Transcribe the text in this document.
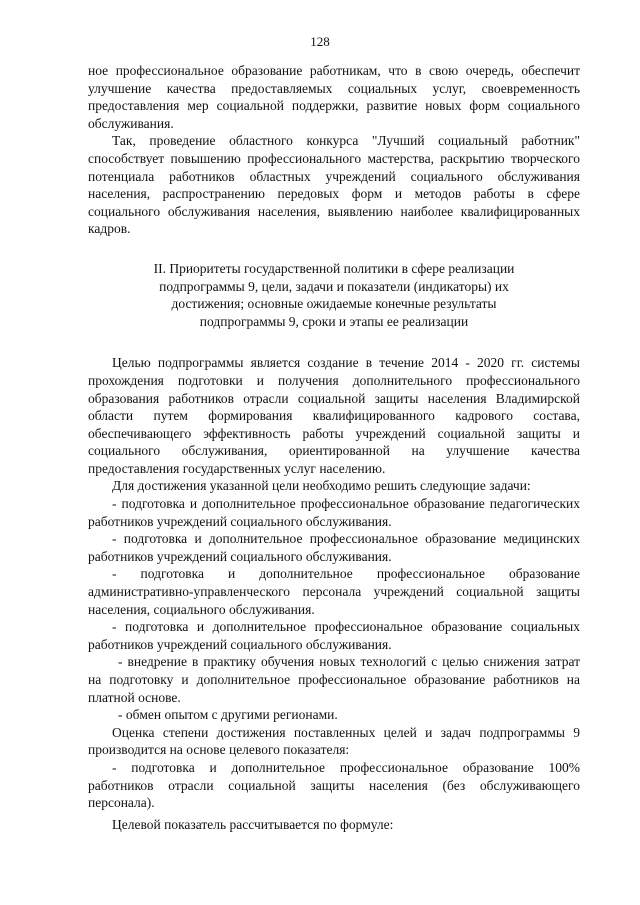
128

ное профессиональное образование работникам, что в свою очередь, обеспечит улучшение качества предоставляемых социальных услуг, своевременность предоставления мер социальной поддержки, развитие новых форм социального обслуживания.

Так, проведение областного конкурса "Лучший социальный работник" способствует повышению профессионального мастерства, раскрытию творческого потенциала работников областных учреждений социального обслуживания населения, распространению передовых форм и методов работы в сфере социального обслуживания населения, выявлению наиболее квалифицированных кадров.

II. Приоритеты государственной политики в сфере реализации
подпрограммы 9, цели, задачи и показатели (индикаторы) их
достижения; основные ожидаемые конечные результаты
подпрограммы 9, сроки и этапы ее реализации

Целью подпрограммы является создание в течение 2014 - 2020 гг. системы прохождения подготовки и получения дополнительного профессионального образования работников отрасли социальной защиты населения Владимирской области путем формирования квалифицированного кадрового состава, обеспечивающего эффективность работы учреждений социальной защиты и социального обслуживания, ориентированной на улучшение качества предоставления государственных услуг населению.

Для достижения указанной цели необходимо решить следующие задачи:

- подготовка и дополнительное профессиональное образование педагогических работников учреждений социального обслуживания.

- подготовка и дополнительное профессиональное образование медицинских работников учреждений социального обслуживания.

- подготовка и дополнительное профессиональное образование административно-управленческого персонала учреждений социальной защиты населения, социального обслуживания.

- подготовка и дополнительное профессиональное образование социальных работников учреждений социального обслуживания.

- внедрение в практику обучения новых технологий с целью снижения затрат на подготовку и дополнительное профессиональное образование работников на платной основе.

- обмен опытом с другими регионами.

Оценка степени достижения поставленных целей и задач подпрограммы 9 производится на основе целевого показателя:

- подготовка и дополнительное профессиональное образование 100% работников отрасли социальной защиты населения (без обслуживающего персонала).

Целевой показатель рассчитывается по формуле:
